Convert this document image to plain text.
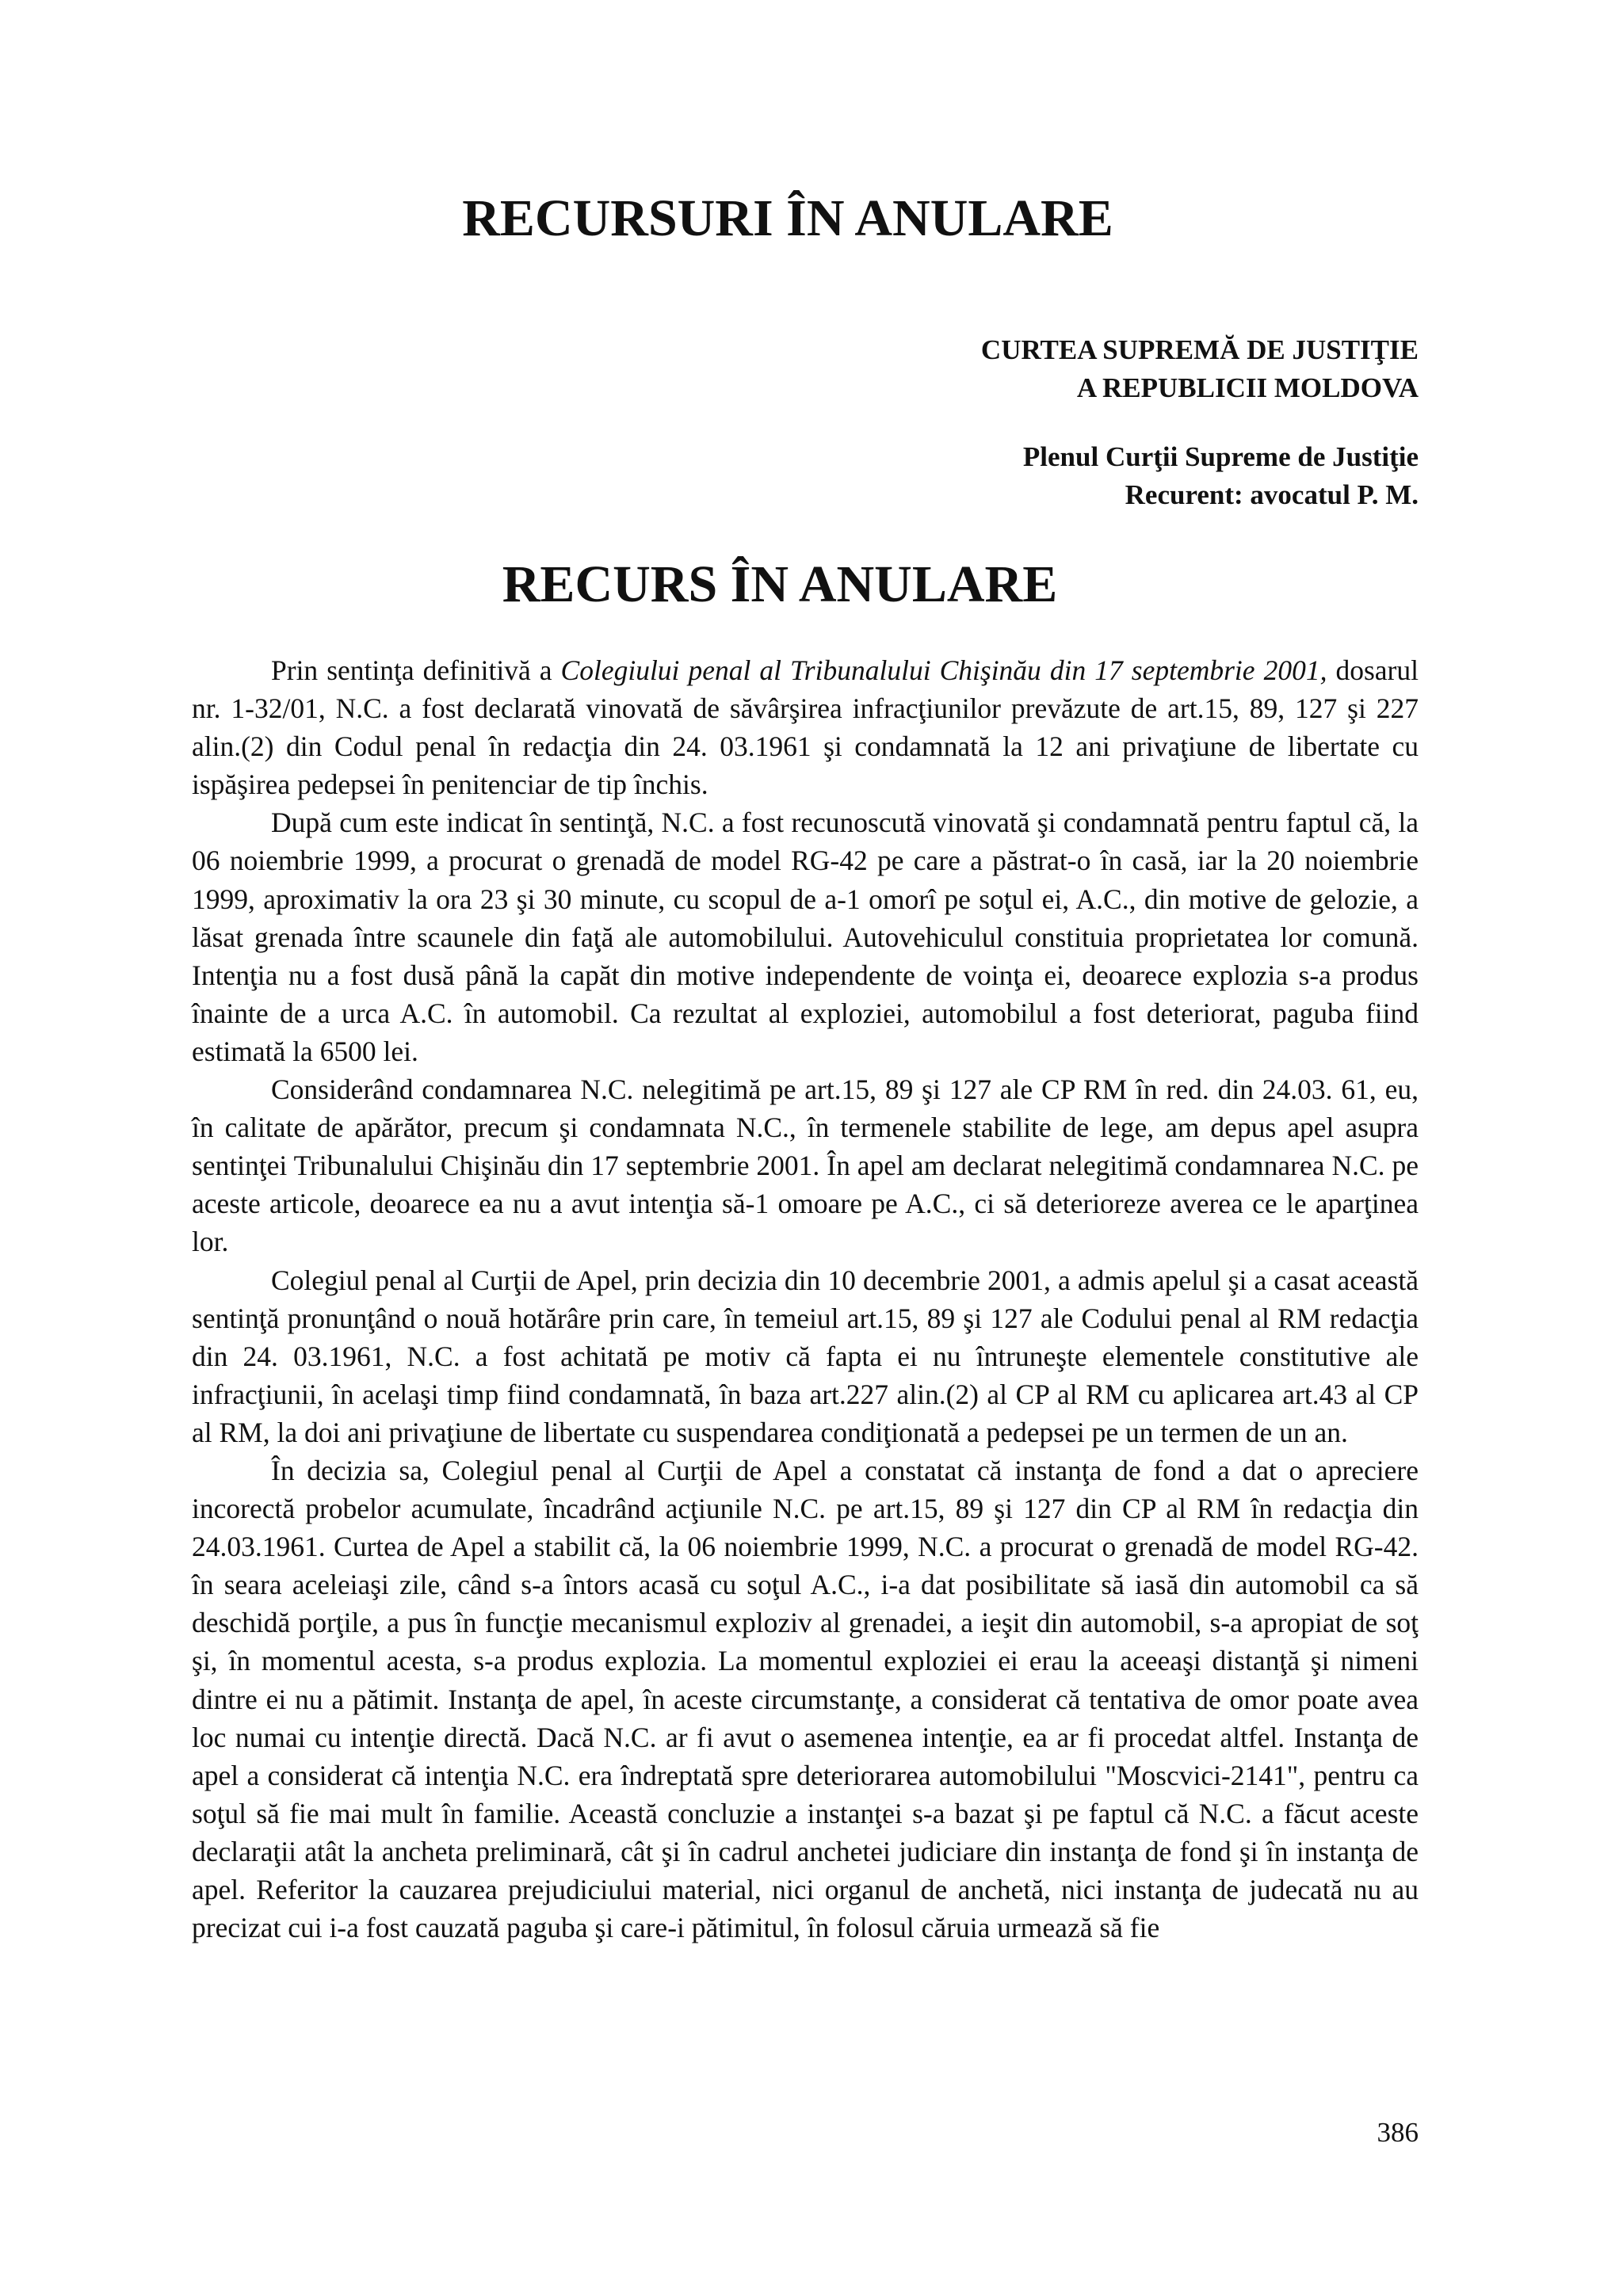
RECURSURI ÎN ANULARE
CURTEA SUPREMĂ DE JUSTIŢIE
A REPUBLICII MOLDOVA
Plenul Curţii Supreme de Justiţie
Recurent: avocatul P. M.
RECURS ÎN ANULARE

Prin sentinţa definitivă a Colegiului penal al Tribunalului Chişinău din 17 septembrie 2001, dosarul nr. 1-32/01, N.C. a fost declarată vinovată de săvârşirea infracţiunilor prevăzute de art.15, 89, 127 şi 227 alin.(2) din Codul penal în redacţia din 24. 03.1961 şi condamnată la 12 ani privaţiune de libertate cu ispăşirea pedepsei în penitenciar de tip închis.

După cum este indicat în sentinţă, N.C. a fost recunoscută vinovată şi condamnată pentru faptul că, la 06 noiembrie 1999, a procurat o grenadă de model RG-42 pe care a păstrat-o în casă, iar la 20 noiembrie 1999, aproximativ la ora 23 şi 30 minute, cu scopul de a-1 omorî pe soţul ei, A.C., din motive de gelozie, a lăsat grenada între scaunele din faţă ale automobilului. Autovehiculul constituia proprietatea lor comună. Intenţia nu a fost dusă până la capăt din motive independente de voinţa ei, deoarece explozia s-a produs înainte de a urca A.C. în automobil. Ca rezultat al exploziei, automobilul a fost deteriorat, paguba fiind estimată la 6500 lei.

Considerând condamnarea N.C. nelegitimă pe art.15, 89 şi 127 ale CP RM în red. din 24.03. 61, eu, în calitate de apărător, precum şi condamnata N.C., în termenele stabilite de lege, am depus apel asupra sentinţei Tribunalului Chişinău din 17 septembrie 2001. În apel am declarat nelegitimă condamnarea N.C. pe aceste articole, deoarece ea nu a avut intenţia să-1 omoare pe A.C., ci să deterioreze averea ce le aparţinea lor.

Colegiul penal al Curţii de Apel, prin decizia din 10 decembrie 2001, a admis apelul şi a casat această sentinţă pronunţând o nouă hotărâre prin care, în temeiul art.15, 89 şi 127 ale Codului penal al RM redacţia din 24. 03.1961, N.C. a fost achitată pe motiv că fapta ei nu întruneşte elementele constitutive ale infracţiunii, în acelaşi timp fiind condamnată, în baza art.227 alin.(2) al CP al RM cu aplicarea art.43 al CP al RM, la doi ani privaţiune de libertate cu suspendarea condiţionată a pedepsei pe un termen de un an.

În decizia sa, Colegiul penal al Curţii de Apel a constatat că instanţa de fond a dat o apreciere incorectă probelor acumulate, încadrând acţiunile N.C. pe art.15, 89 şi 127 din CP al RM în redacţia din 24.03.1961. Curtea de Apel a stabilit că, la 06 noiembrie 1999, N.C. a procurat o grenadă de model RG-42. în seara aceleiaşi zile, când s-a întors acasă cu soţul A.C., i-a dat posibilitate să iasă din automobil ca să deschidă porţile, a pus în funcţie mecanismul exploziv al grenadei, a ieşit din automobil, s-a apropiat de soţ şi, în momentul acesta, s-a produs explozia. La momentul exploziei ei erau la aceeaşi distanţă şi nimeni dintre ei nu a pătimit. Instanţa de apel, în aceste circumstanţe, a considerat că tentativa de omor poate avea loc numai cu intenţie directă. Dacă N.C. ar fi avut o asemenea intenţie, ea ar fi procedat altfel. Instanţa de apel a considerat că intenţia N.C. era îndreptată spre deteriorarea automobilului "Moscvici-2141", pentru ca soţul să fie mai mult în familie. Această concluzie a instanţei s-a bazat şi pe faptul că N.C. a făcut aceste declaraţii atât la ancheta preliminară, cât şi în cadrul anchetei judiciare din instanţa de fond şi în instanţa de apel. Referitor la cauzarea prejudiciului material, nici organul de anchetă, nici instanţa de judecată nu au precizat cui i-a fost cauzată paguba şi care-i pătimitul, în folosul căruia urmează să fie

386
